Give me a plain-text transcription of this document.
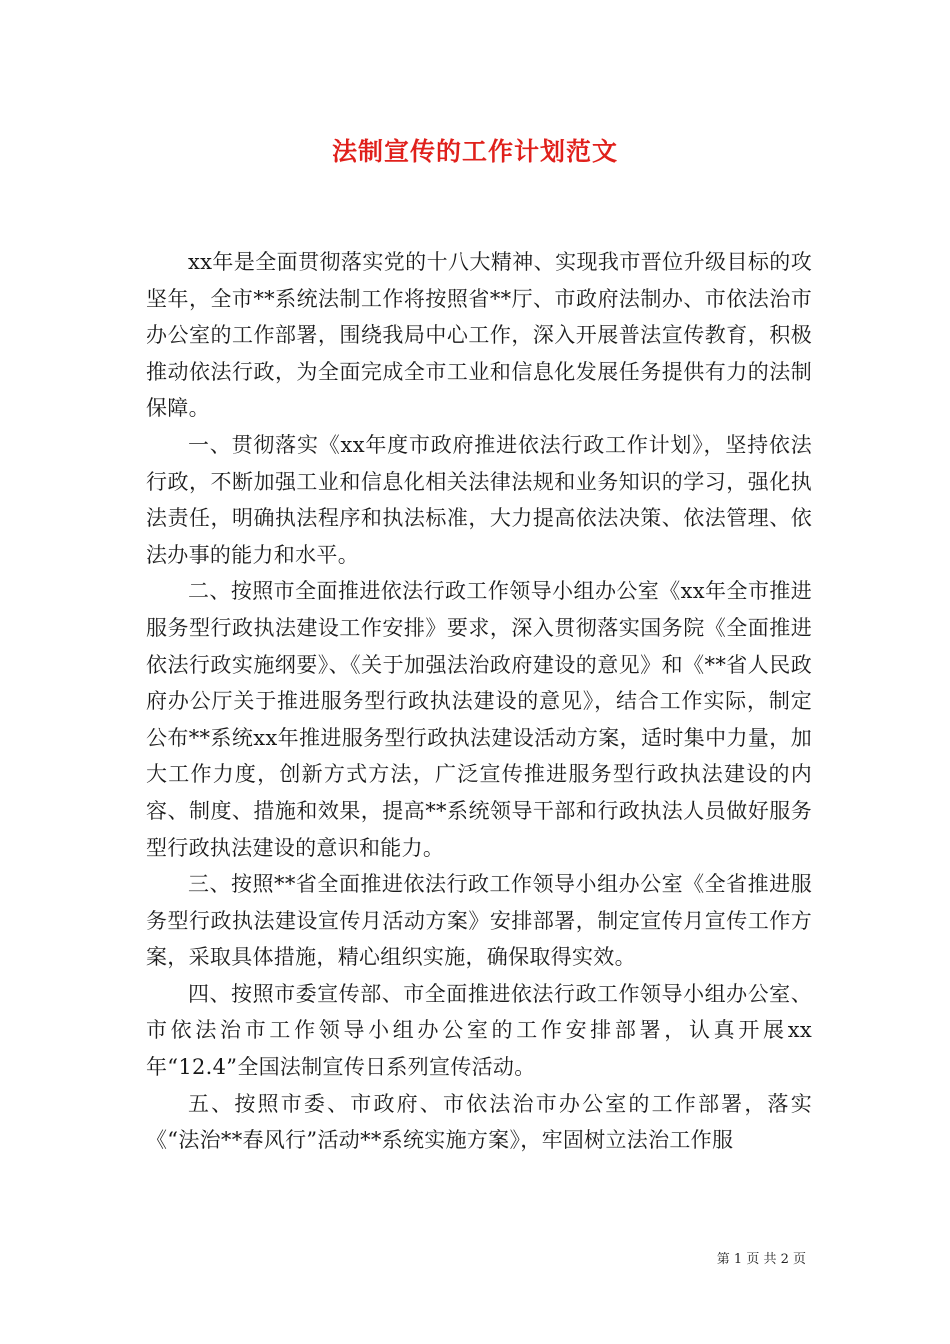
法制宣传的工作计划范文

xx年是全面贯彻落实党的十八大精神、实现我市晋位升级目标的攻坚年，全市**系统法制工作将按照省**厅、市政府法制办、市依法治市办公室的工作部署，围绕我局中心工作，深入开展普法宣传教育，积极推动依法行政，为全面完成全市工业和信息化发展任务提供有力的法制保障。

一、贯彻落实《xx年度市政府推进依法行政工作计划》，坚持依法行政，不断加强工业和信息化相关法律法规和业务知识的学习，强化执法责任，明确执法程序和执法标准，大力提高依法决策、依法管理、依法办事的能力和水平。

二、按照市全面推进依法行政工作领导小组办公室《xx年全市推进服务型行政执法建设工作安排》要求，深入贯彻落实国务院《全面推进依法行政实施纲要》、《关于加强法治政府建设的意见》和《**省人民政府办公厅关于推进服务型行政执法建设的意见》，结合工作实际，制定公布**系统xx年推进服务型行政执法建设活动方案，适时集中力量，加大工作力度，创新方式方法，广泛宣传推进服务型行政执法建设的内容、制度、措施和效果，提高**系统领导干部和行政执法人员做好服务型行政执法建设的意识和能力。

三、按照**省全面推进依法行政工作领导小组办公室《全省推进服务型行政执法建设宣传月活动方案》安排部署，制定宣传月宣传工作方案，采取具体措施，精心组织实施，确保取得实效。

四、按照市委宣传部、市全面推进依法行政工作领导小组办公室、市依法治市工作领导小组办公室的工作安排部署，认真开展xx年“12.4”全国法制宣传日系列宣传活动。

五、按照市委、市政府、市依法治市办公室的工作部署，落实《“法治**春风行”活动**系统实施方案》，牢固树立法治工作服

第 1 页 共 2 页
